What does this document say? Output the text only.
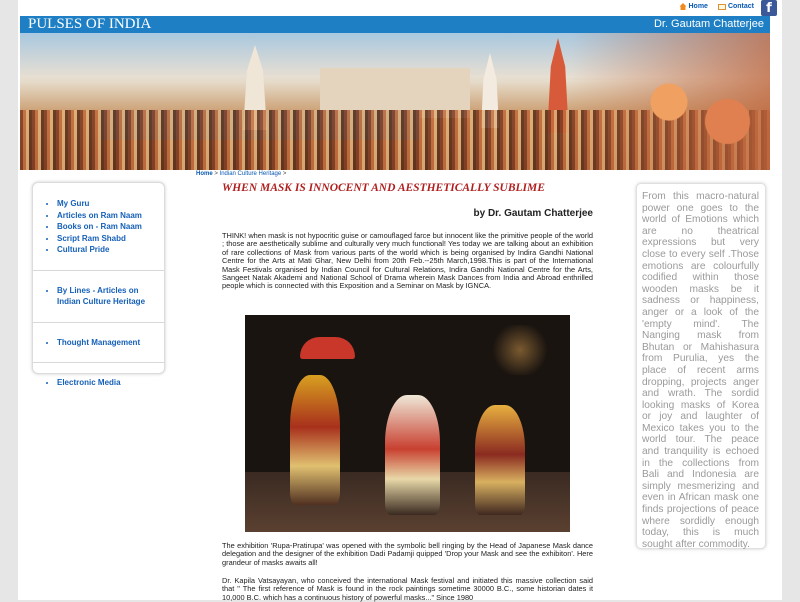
Home	Contact f
PULSES OF INDIA	Dr. Gautam Chatterjee
• My Guru
• Articles on Ram Naam
• Books on - Ram Naam
• Script Ram Shabd
• Cultural Pride
• By Lines - Articles on Indian Culture Heritage
• Thought Management
• Electronic Media
Home > Indian Culture Heritage >
WHEN MASK IS INNOCENT AND AESTHETICALLY SUBLIME
by Dr. Gautam Chatterjee

THINK! when mask is not hypocritic guise or camouflaged farce but innocent like the primitive people of the world ; those are aesthetically sublime and culturally very much functional! Yes today we are talking about an exhibition of rare collections of Mask from various parts of the world which is being organised by Indira Gandhi National Centre for the Arts at Mati Ghar, New Delhi from 20th Feb.--25th March,1998.This is part of the International Mask Festivals organised by Indian Council for Cultural Relations, Indira Gandhi National Centre for the Arts, Sangeet Natak Akademi and National School of Drama wherein Mask Dances from India and Abroad enthrilled people which is connected with this Exposition and a Seminar on Mask by IGNCA.

The exhibition 'Rupa-Pratirupa' was opened with the symbolic bell ringing by the Head of Japanese Mask dance delegation and the designer of the exhibition Dadi Padamji quipped 'Drop your Mask and see the exhibiton'. Here grandeur of masks awaits all!

Dr. Kapila Vatsayayan, who conceived the international Mask festival and initiated this massive collection said that " The first reference of Mask is found in the rock paintings sometime 30000 B.C., some historian dates it 10,000 B.C. which has a continuous history of powerful masks..." Since 1980

From this macro-natural power one goes to the world of Emotions which are no theatrical expressions but very close to every self .Those emotions are colourfully codified within those wooden masks be it sadness or happiness, anger or a look of the 'empty mind'. The Nanging mask from Bhutan or Mahishasura from Purulia, yes the place of recent arms dropping, projects anger and wrath. The sordid looking masks of Korea or joy and laughter of Mexico takes you to the world tour. The peace and tranquility is echoed in the collections from Bali and Indonesia are simply mesmerizing and even in African mask one finds projections of peace where sordidly enough today, this is much sought after commodity.
